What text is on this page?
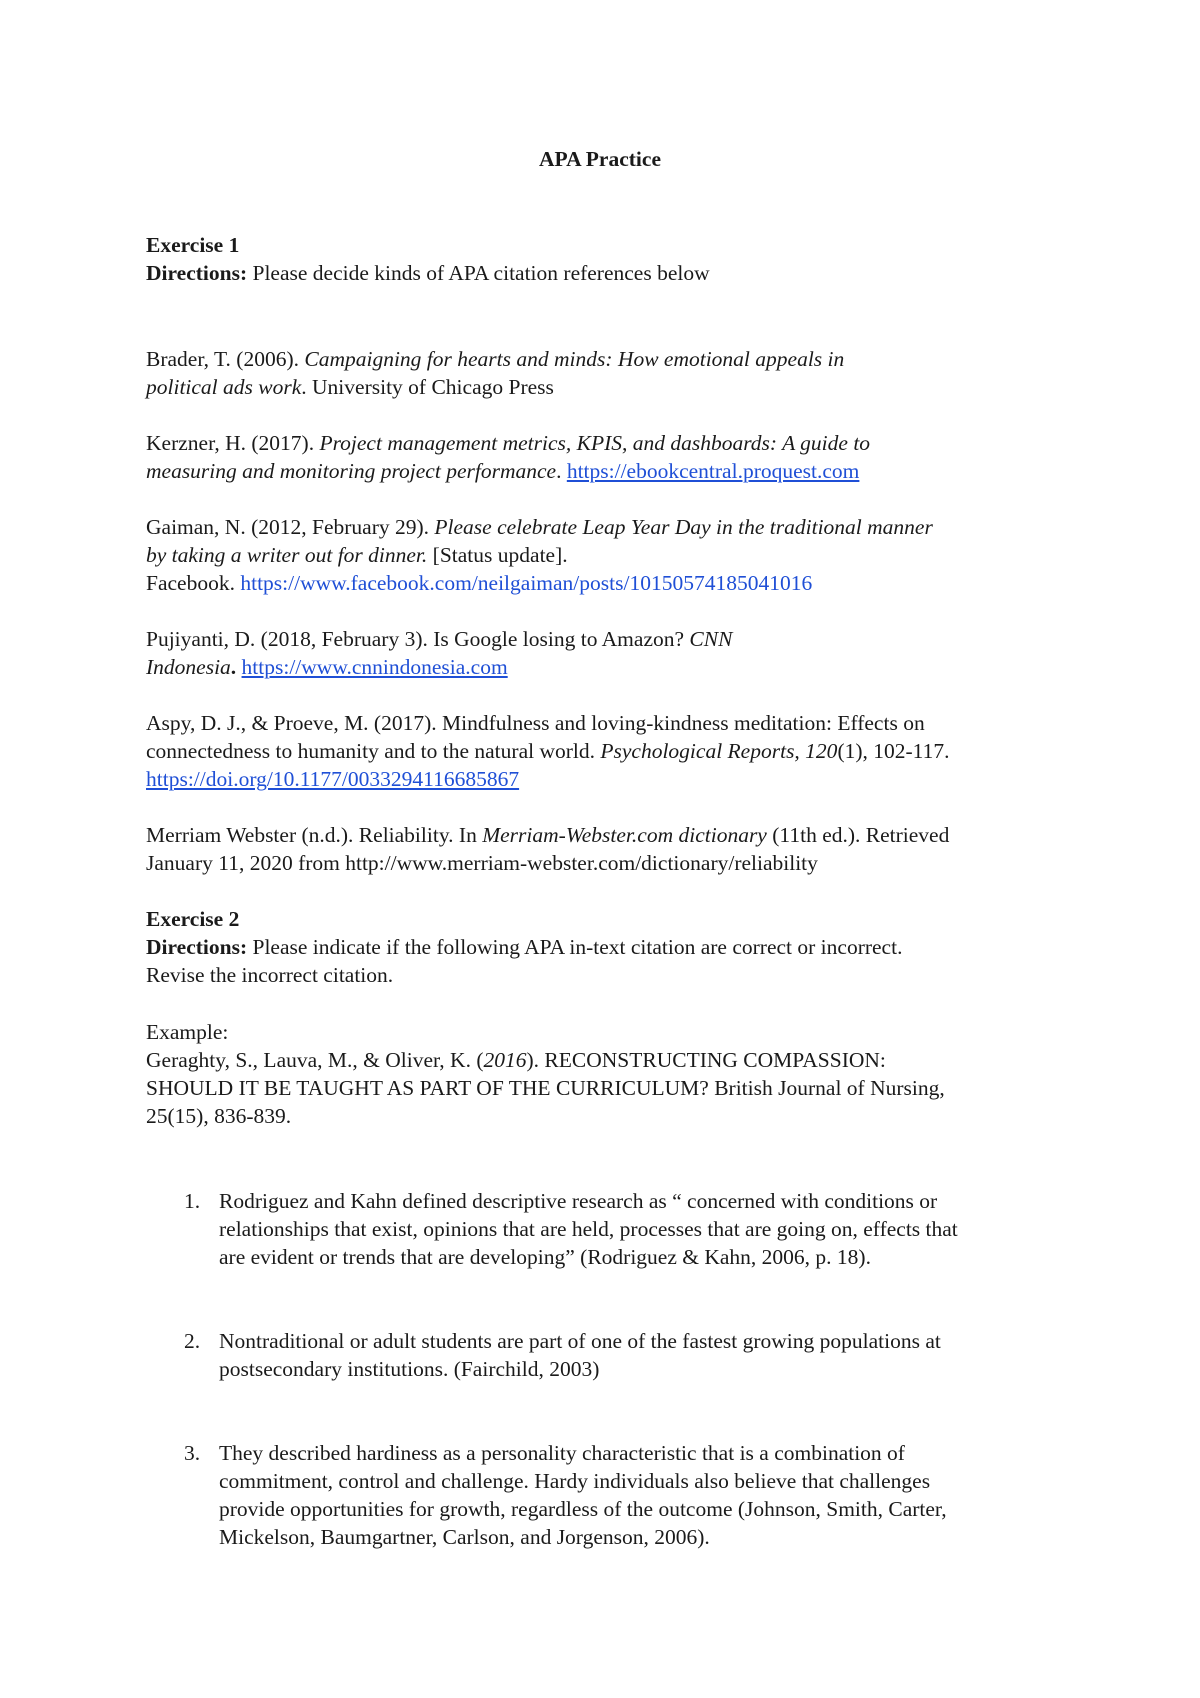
APA Practice
Exercise 1
Directions: Please decide kinds of APA citation references below
Brader, T. (2006). Campaigning for hearts and minds: How emotional appeals in
political ads work. University of Chicago Press
Kerzner, H. (2017). Project management metrics, KPIS, and dashboards: A guide to
measuring and monitoring project performance. https://ebookcentral.proquest.com
Gaiman, N. (2012, February 29). Please celebrate Leap Year Day in the traditional manner
by taking a writer out for dinner. [Status update].
Facebook. https://www.facebook.com/neilgaiman/posts/10150574185041016
Pujiyanti, D. (2018, February 3). Is Google losing to Amazon? CNN
Indonesia. https://www.cnnindonesia.com
Aspy, D. J., & Proeve, M. (2017). Mindfulness and loving-kindness meditation: Effects on
connectedness to humanity and to the natural world. Psychological Reports, 120(1), 102-117.
https://doi.org/10.1177/0033294116685867
Merriam Webster (n.d.). Reliability. In Merriam-Webster.com dictionary (11th ed.). Retrieved
January 11, 2020 from http://www.merriam-webster.com/dictionary/reliability
Exercise 2
Directions: Please indicate if the following APA in-text citation are correct or incorrect.
Revise the incorrect citation.
Example:
Geraghty, S., Lauva, M., & Oliver, K. (2016). RECONSTRUCTING COMPASSION:
SHOULD IT BE TAUGHT AS PART OF THE CURRICULUM? British Journal of Nursing,
25(15), 836-839.
1. Rodriguez and Kahn defined descriptive research as “ concerned with conditions or
relationships that exist, opinions that are held, processes that are going on, effects that
are evident or trends that are developing” (Rodriguez & Kahn, 2006, p. 18).
2. Nontraditional or adult students are part of one of the fastest growing populations at
postsecondary institutions. (Fairchild, 2003)
3. They described hardiness as a personality characteristic that is a combination of
commitment, control and challenge. Hardy individuals also believe that challenges
provide opportunities for growth, regardless of the outcome (Johnson, Smith, Carter,
Mickelson, Baumgartner, Carlson, and Jorgenson, 2006).
